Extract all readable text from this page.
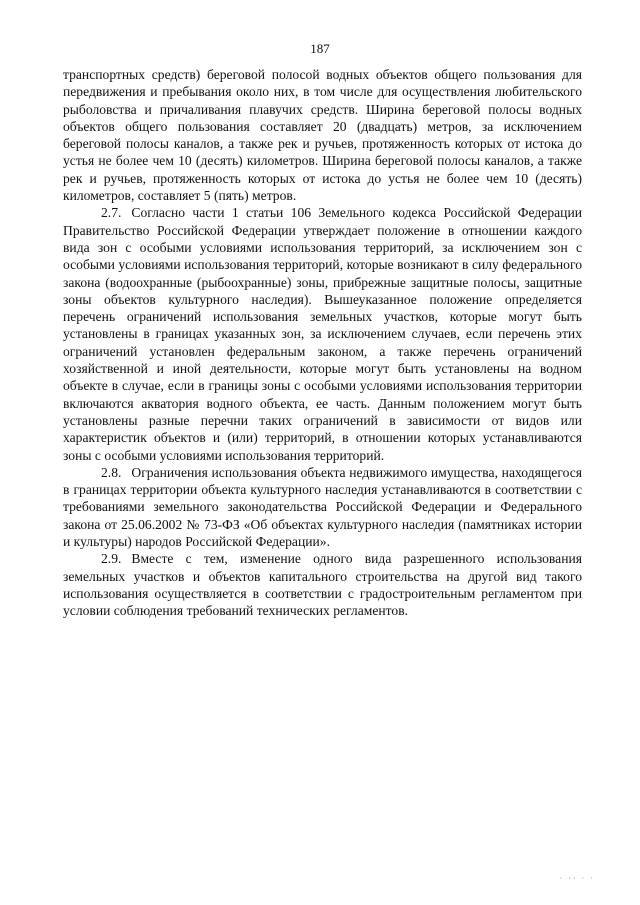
187

транспортных средств) береговой полосой водных объектов общего пользования для передвижения и пребывания около них, в том числе для осуществления любительского рыболовства и причаливания плавучих средств. Ширина береговой полосы водных объектов общего пользования составляет 20 (двадцать) метров, за исключением береговой полосы каналов, а также рек и ручьев, протяженность которых от истока до устья не более чем 10 (десять) километров. Ширина береговой полосы каналов, а также рек и ручьев, протяженность которых от истока до устья не более чем 10 (десять) километров, составляет 5 (пять) метров.

2.7. Согласно части 1 статьи 106 Земельного кодекса Российской Федерации Правительство Российской Федерации утверждает положение в отношении каждого вида зон с особыми условиями использования территорий, за исключением зон с особыми условиями использования территорий, которые возникают в силу федерального закона (водоохранные (рыбоохранные) зоны, прибрежные защитные полосы, защитные зоны объектов культурного наследия). Вышеуказанное положение определяется перечень ограничений использования земельных участков, которые могут быть установлены в границах указанных зон, за исключением случаев, если перечень этих ограничений установлен федеральным законом, а также перечень ограничений хозяйственной и иной деятельности, которые могут быть установлены на водном объекте в случае, если в границы зоны с особыми условиями использования территории включаются акватория водного объекта, ее часть. Данным положением могут быть установлены разные перечни таких ограничений в зависимости от видов или характеристик объектов и (или) территорий, в отношении которых устанавливаются зоны с особыми условиями использования территорий.

2.8. Ограничения использования объекта недвижимого имущества, находящегося в границах территории объекта культурного наследия устанавливаются в соответствии с требованиями земельного законодательства Российской Федерации и Федерального закона от 25.06.2002 № 73-ФЗ «Об объектах культурного наследия (памятниках истории и культуры) народов Российской Федерации».

2.9. Вместе с тем, изменение одного вида разрешенного использования земельных участков и объектов капитального строительства на другой вид такого использования осуществляется в соответствии с градостроительным регламентом при условии соблюдения требований технических регламентов.

· ·· · ·
